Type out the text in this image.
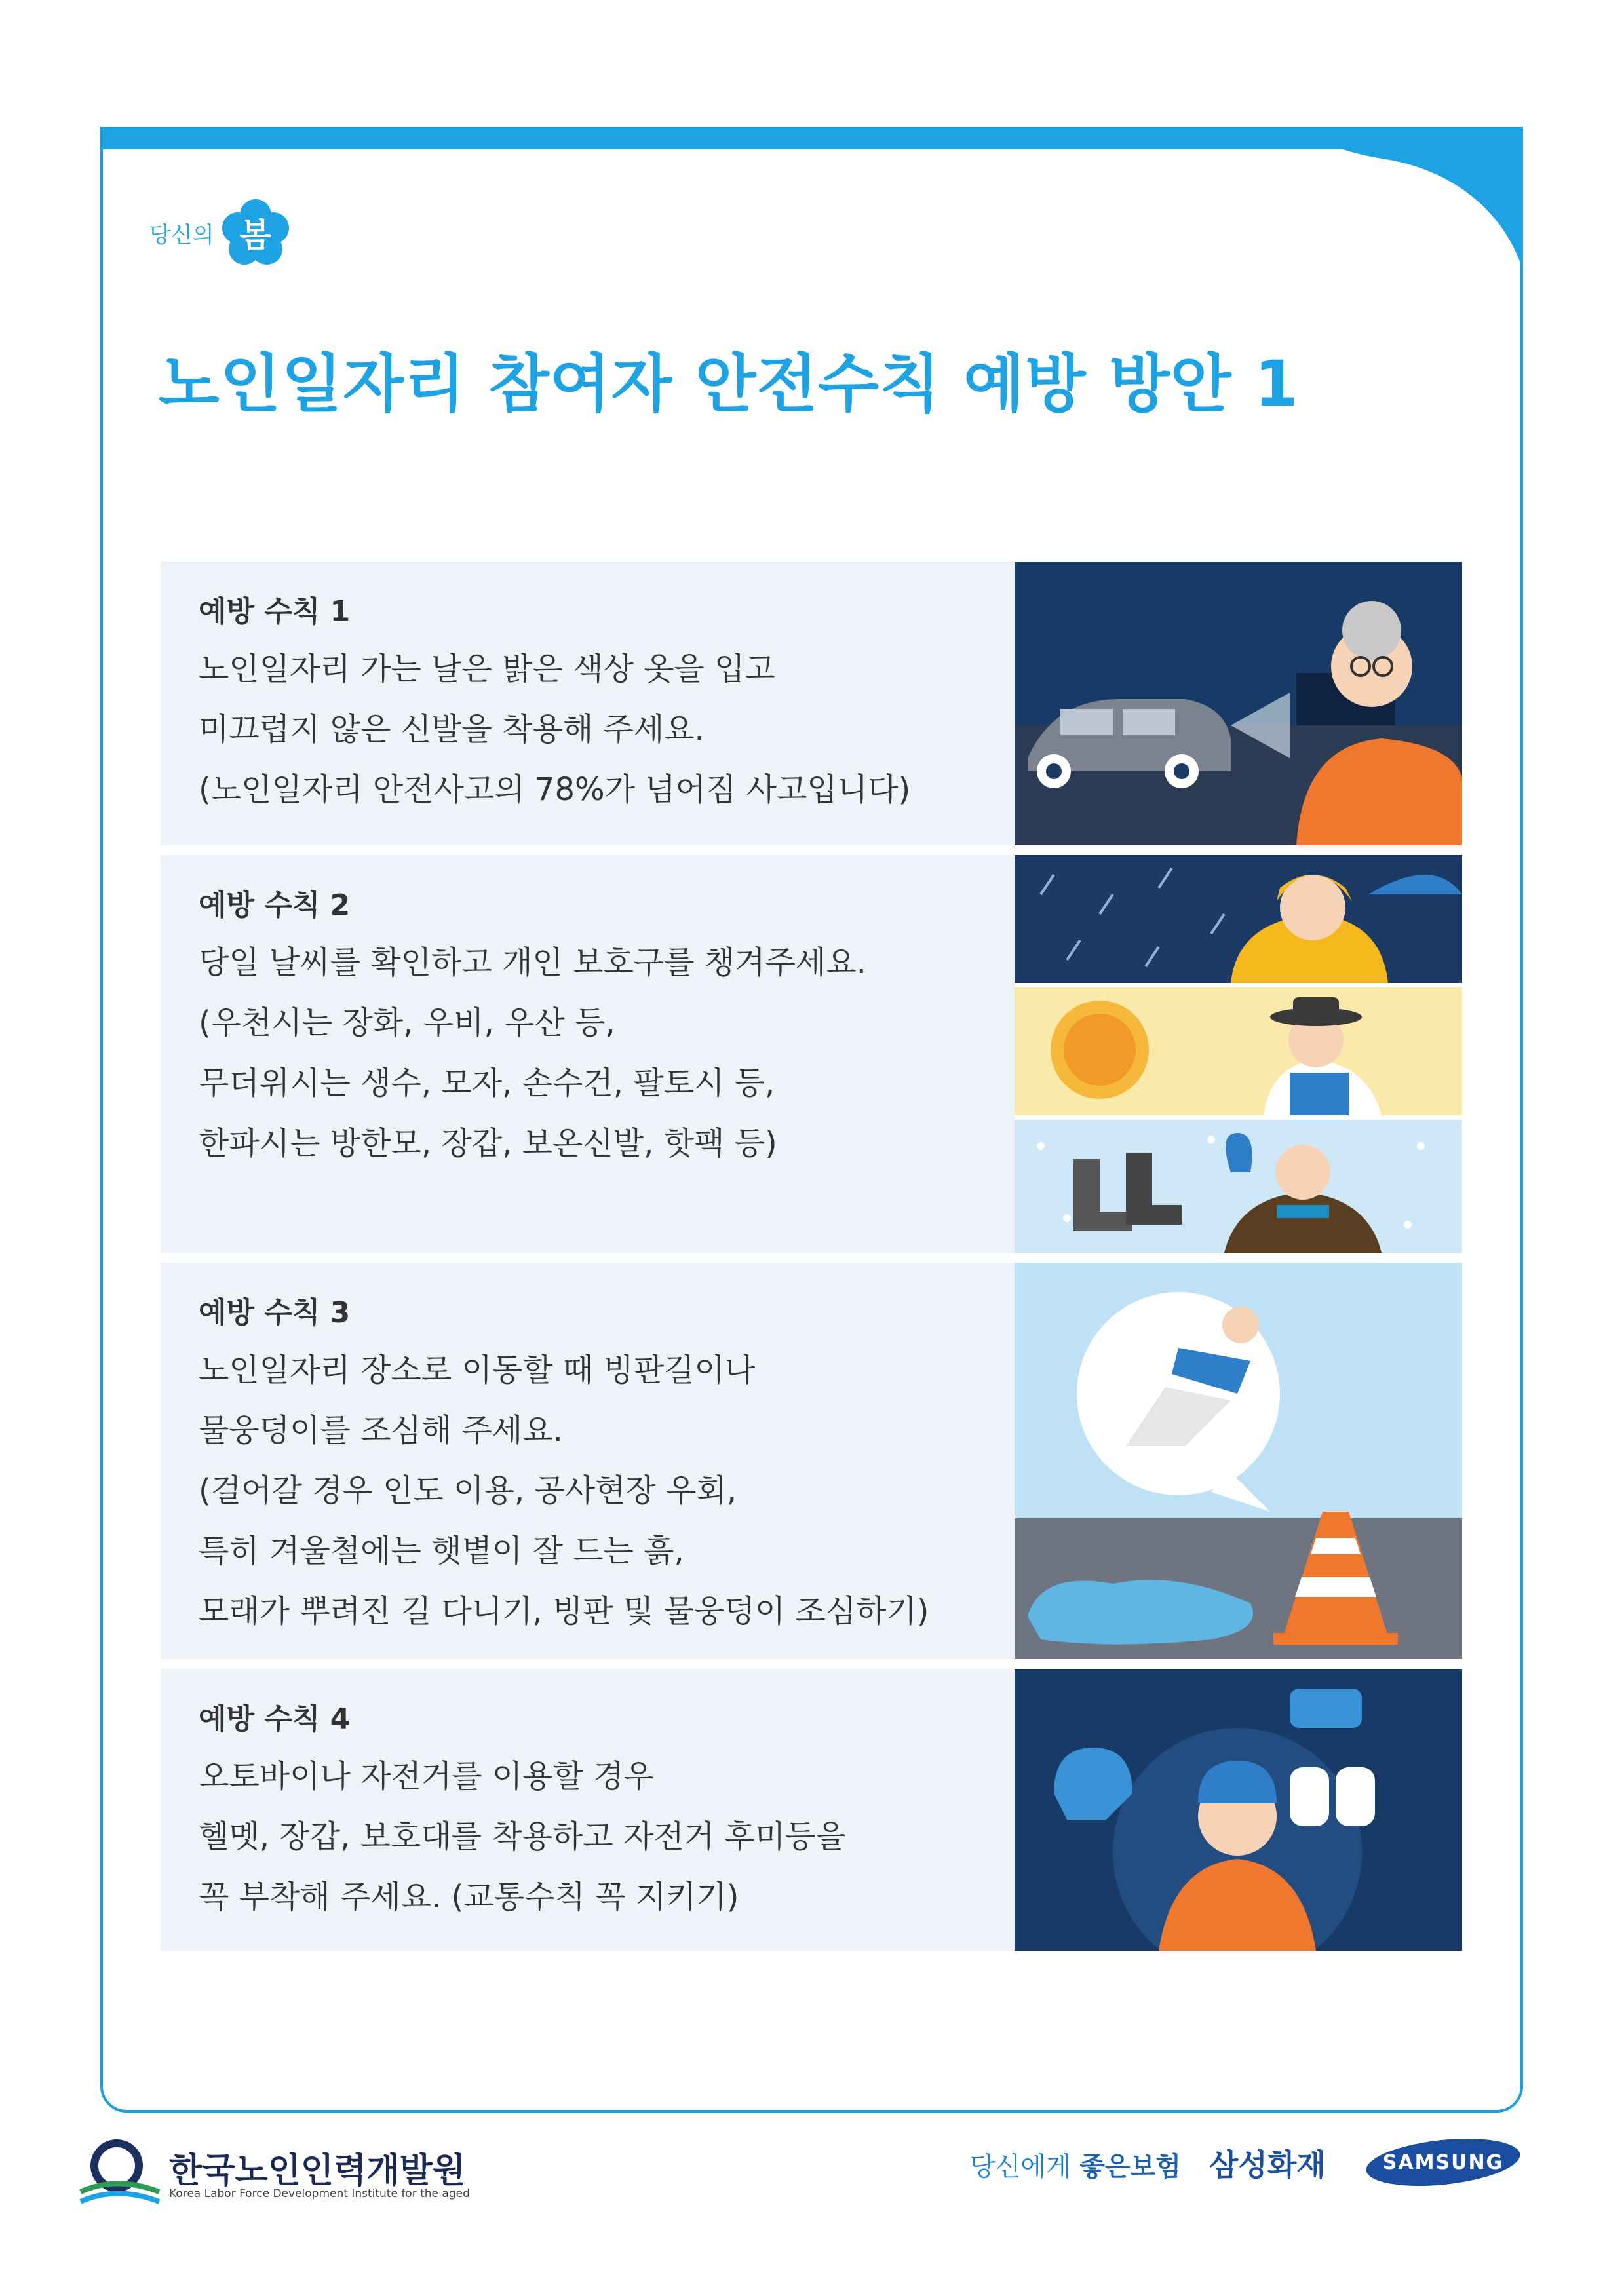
당신의 봄
노인일자리 참여자 안전수칙 예방 방안 1
예방 수칙 1
노인일자리 가는 날은 밝은 색상 옷을 입고
미끄럽지 않은 신발을 착용해 주세요.
(노인일자리 안전사고의 78%가 넘어짐 사고입니다)
예방 수칙 2
당일 날씨를 확인하고 개인 보호구를 챙겨주세요.
(우천시는 장화, 우비, 우산 등,
무더위시는 생수, 모자, 손수건, 팔토시 등,
한파시는 방한모, 장갑, 보온신발, 핫팩 등)
예방 수칙 3
노인일자리 장소로 이동할 때 빙판길이나
물웅덩이를 조심해 주세요.
(걸어갈 경우 인도 이용, 공사현장 우회,
특히 겨울철에는 햇볕이 잘 드는 흙,
모래가 뿌려진 길 다니기, 빙판 및 물웅덩이 조심하기)
예방 수칙 4
오토바이나 자전거를 이용할 경우
헬멧, 장갑, 보호대를 착용하고 자전거 후미등을
꼭 부착해 주세요. (교통수칙 꼭 지키기)
한국노인인력개발원
Korea Labor Force Development Institute for the aged
당신에게 좋은보험 삼성화재	SAMSUNG
